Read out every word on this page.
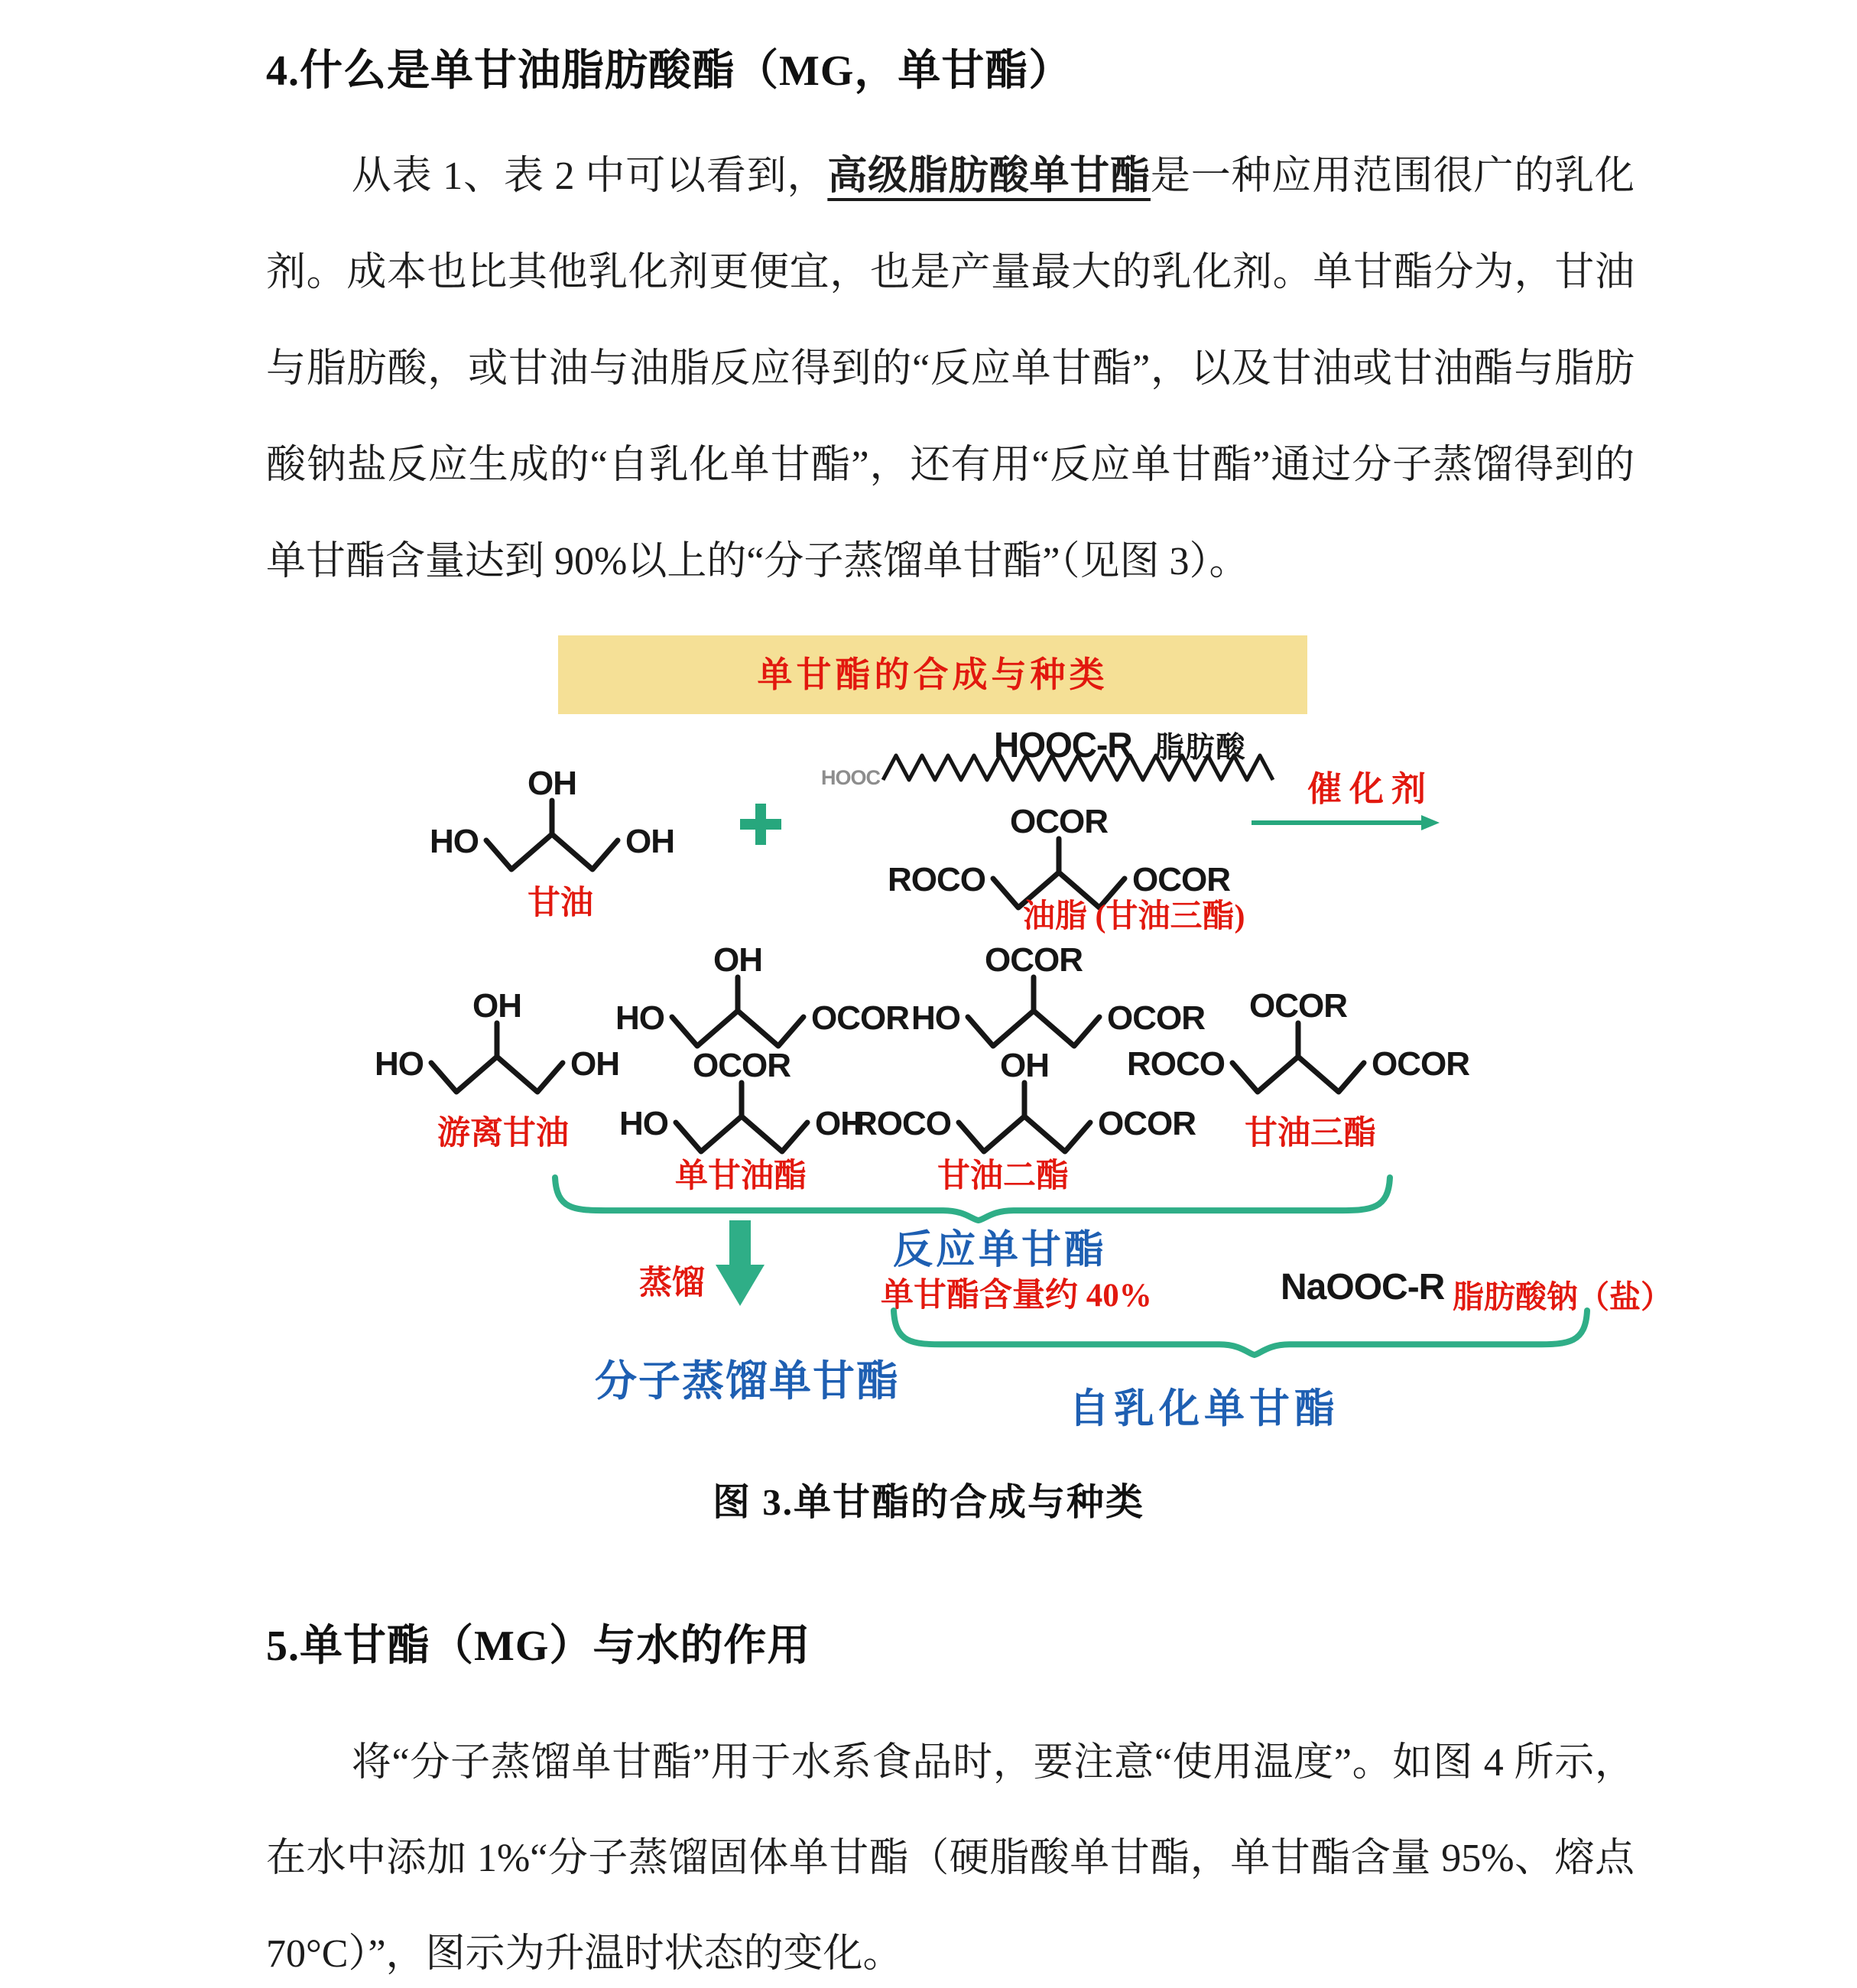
4.什么是单甘油脂肪酸酯（MG，单甘酯）

从表 1、表 2 中可以看到，高级脂肪酸单甘酯是一种应用范围很广的乳化剂。成本也比其他乳化剂更便宜，也是产量最大的乳化剂。单甘酯分为，甘油与脂肪酸，或甘油与油脂反应得到的“反应单甘酯”，以及甘油或甘油酯与脂肪酸钠盐反应生成的“自乳化单甘酯”，还有用“反应单甘酯”通过分子蒸馏得到的单甘酯含量达到 90%以上的“分子蒸馏单甘酯”（见图 3）。

单甘酯的合成与种类
OH
HO	OH
甘油
HOOC-R 脂肪酸
HOOC
OCOR
ROCO	OCOR
油脂 (甘油三酯)
催化剂
OH
HO	OH
OH
HO	OCOR
OCOR
HO	OH
OCOR
HO	OCOR
OH
ROCO	OCOR
OCOR
ROCO	OCOR
游离甘油
单甘油酯	甘油二酯
甘油三酯
蒸馏
反应单甘酯
单甘酯含量约 40%	NaOOC-R 脂肪酸钠（盐）
分子蒸馏单甘酯
自乳化单甘酯
图 3.单甘酯的合成与种类
5.单甘酯（MG）与水的作用

将“分子蒸馏单甘酯”用于水系食品时，要注意“使用温度”。如图 4 所示，在水中添加 1%“分子蒸馏固体单甘酯（硬脂酸单甘酯，单甘酯含量 95%、熔点 70°C）”，图示为升温时状态的变化。
